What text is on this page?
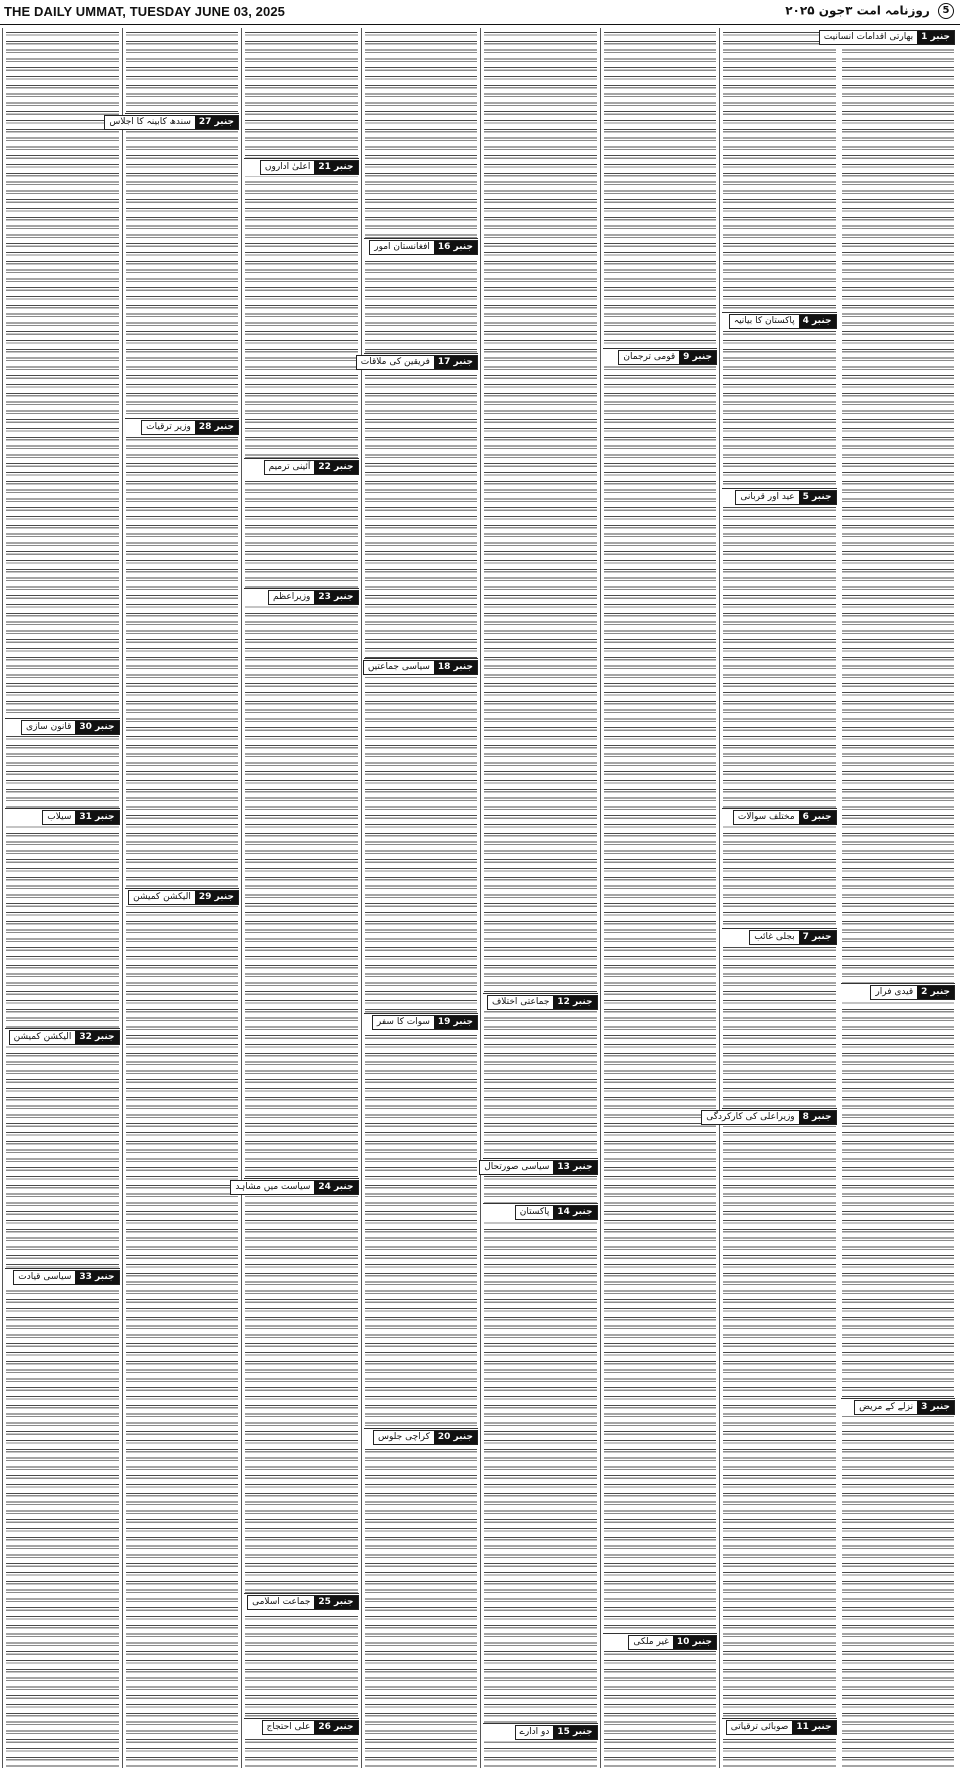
THE DAILY UMMAT, TUESDAY JUNE 03, 2025	5 روزنامہ امت ۳جون ۲۰۲۵
جنبر 1
بھارتی اقدامات انسانیت
جنبر 2
قیدی فرار
جنبر 3
نزلے کے مریض
جنبر 4
پاکستان کا بیانیہ
جنبر 5
عید اور قربانی
جنبر 6
مختلف سوالات
جنبر 7
بجلی غائب
جنبر 8
وزیراعلی کی کارکردگی
جنبر 11
صوبائی ترقیاتی
جنبر 9
قومی ترجمان
جنبر 10
غیر ملکی
جنبر 12
جماعتی اختلاف
جنبر 13
سیاسی صورتحال
جنبر 14
پاکستان
جنبر 15
دو ادارے
جنبر 16
افغانستان امور
جنبر 17
فریقین کی ملاقات
جنبر 18
سیاسی جماعتیں
جنبر 19
سوات کا سفر
جنبر 20
کراچی جلوس
جنبر 21
اعلیٰ اداروں
جنبر 22
آئینی ترمیم
جنبر 23
وزیراعظم
جنبر 24
سیاست میں مشاہد
جنبر 25
جماعت اسلامی
جنبر 26
علی احتجاج
جنبر 27
سندھ کابینہ کا اجلاس
جنبر 28
وزیر ترقیات
جنبر 29
الیکشن کمیشن
جنبر 30
قانون سازی
جنبر 31
سیلاب
جنبر 32
الیکشن کمیشن
جنبر 33
سیاسی قیادت
